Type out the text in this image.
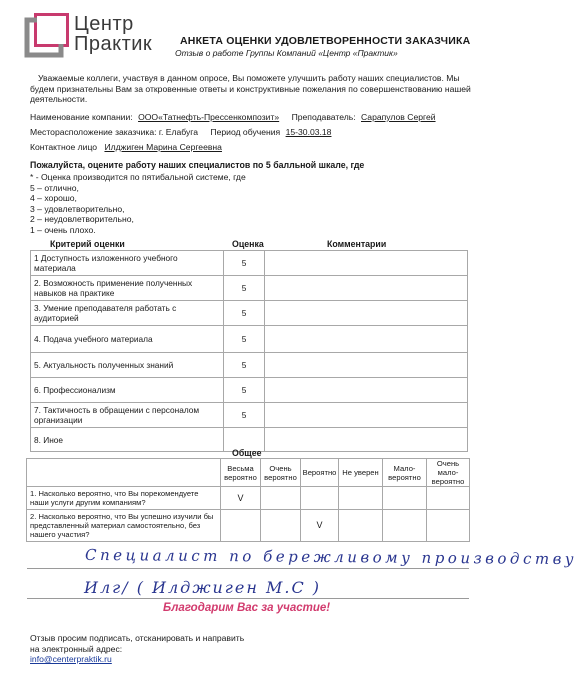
Центр
Практик	АНКЕТА ОЦЕНКИ УДОВЛЕТВОРЕННОСТИ ЗАКАЗЧИКА
Отзыв о работе Группы Компаний «Центр «Практик»

Уважаемые коллеги, участвуя в данном опросе, Вы поможете улучшить работу наших специалистов. Мы будем признательны Вам за откровенные ответы и конструктивные пожелания по совершенствованию нашей деятельности.

Наименование компании: ООО«Татнефть-Прессенкомпозит» Преподаватель: Сарапулов Сергей
Месторасположение заказчика: г. Елабуга Период обучения 15-30.03.18
Контактное лицо Илджиген Марина Сергеевна
Пожалуйста, оцените работу наших специалистов по 5 балльной шкале, где
* - Оценка производится по пятибальной системе, где
5 – отлично,
4 – хорошо,
3 – удовлетворительно,
2 – неудовлетворительно,
1 – очень плохо.
Критерий оценки	Оценка	Комментарии
1 Доступность изложенного учебного материала	5	
2. Возможность применение полученных навыков на практике	5	
3. Умение преподавателя работать с аудиторией	5	
4. Подача учебного материала	5	
5. Актуальность полученных знаний	5	
6. Профессионализм	5	
7. Тактичность в обращении с персоналом организации	5	
8. Иное		
Общее
	Весьма вероятно	Очень вероятно	Вероятно	Не уверен	Мало-вероятно	Очень мало-вероятно
1. Насколько вероятно, что Вы порекомендуете наши услуги другим компаниям?	V					
2. Насколько вероятно, что Вы успешно изучили бы представленный материал самостоятельно, без нашего участия?			V			
Специалист по бережливому производству
Илг/ ( Илджиген М.С )
Благодарим Вас за участие!
Отзыв просим подписать, отсканировать и направить
на электронный адрес:
info@centerpraktik.ru
